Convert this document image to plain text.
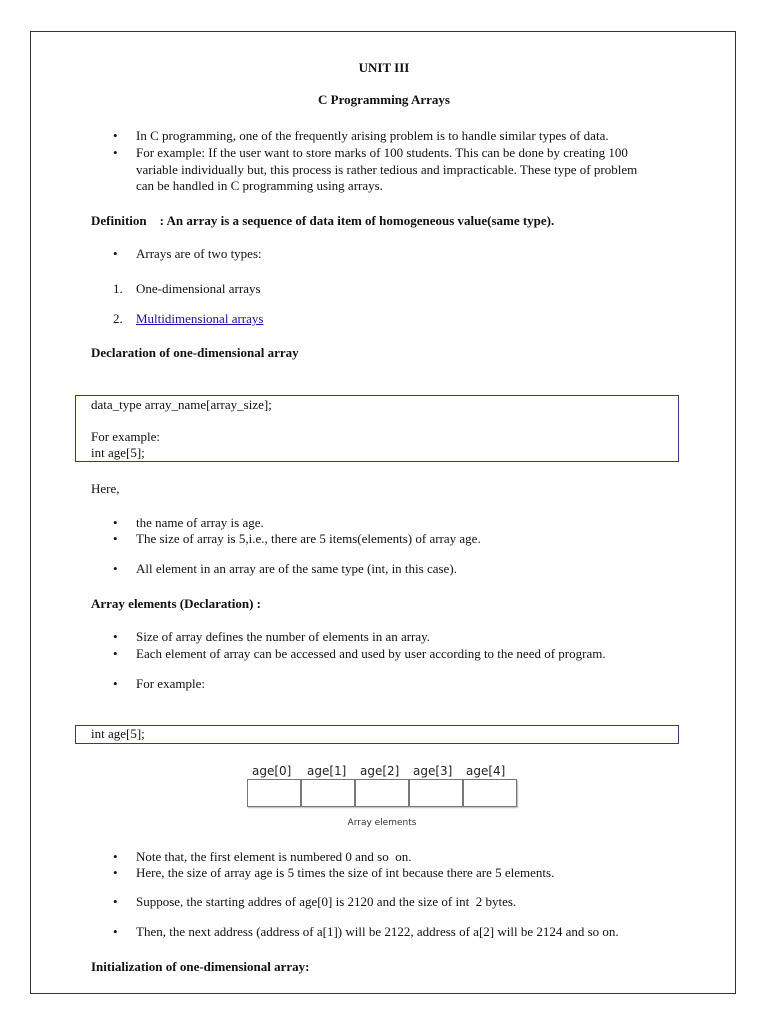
UNIT III

C Programming Arrays

• In C programming, one of the frequently arising problem is to handle similar types of data.
• For example: If the user want to store marks of 100 students. This can be done by creating 100
variable individually but, this process is rather tedious and impracticable. These type of problem
can be handled in C programming using arrays.

Definition    : An array is a sequence of data item of homogeneous value(same type).

• Arrays are of two types:
1. One-dimensional arrays
2. Multidimensional arrays

Declaration of one-dimensional array

data_type array_name[array_size];
For example:
int age[5];

Here,

• the name of array is age.
• The size of array is 5,i.e., there are 5 items(elements) of array age.
• All element in an array are of the same type (int, in this case).

Array elements (Declaration) :

• Size of array defines the number of elements in an array.
• Each element of array can be accessed and used by user according to the need of program.
• For example:
int age[5];
age[0] age[1] age[2] age[3] age[4]
Array elements
• Note that, the first element is numbered 0 and so  on.
• Here, the size of array age is 5 times the size of int because there are 5 elements.
• Suppose, the starting addres of age[0] is 2120 and the size of int  2 bytes.
• Then, the next address (address of a[1]) will be 2122, address of a[2] will be 2124 and so on.

Initialization of one-dimensional array:
